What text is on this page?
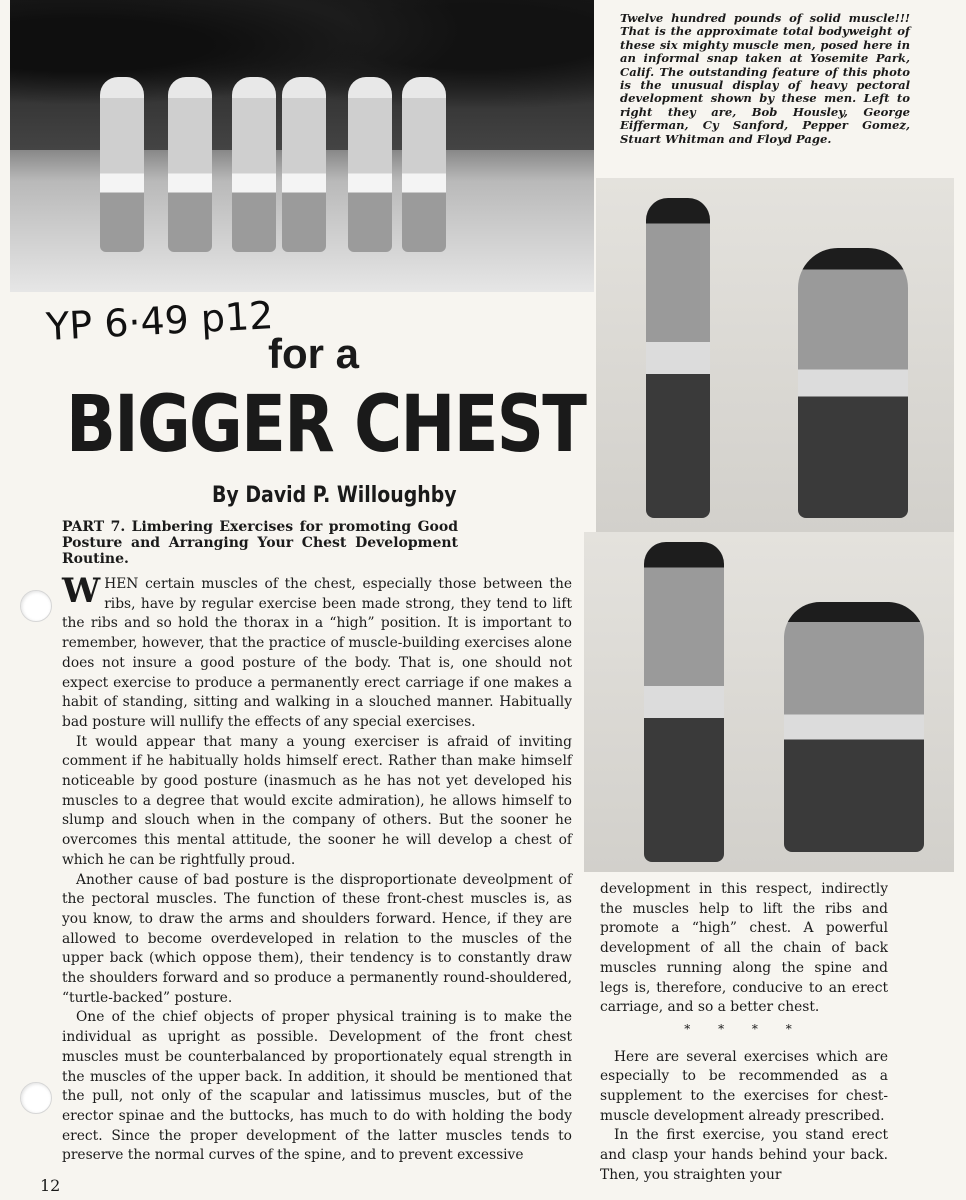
Twelve hundred pounds of solid muscle!!! That is the approximate total bodyweight of these six mighty muscle men, posed here in an informal snap taken at Yosemite Park, Calif. The outstanding feature of this photo is the unusual display of heavy pectoral development shown by these men. Left to right they are, Bob Housley, George Eifferman, Cy Sanford, Pepper Gomez, Stuart Whitman and Floyd Page.

YP 6·49 p12
for a
BIGGER CHEST
By David P. Willoughby

PART 7. Limbering Exercises for promoting Good Posture and Arranging Your Chest Development Routine.

WHEN certain muscles of the chest, especially those between the ribs, have by regular exercise been made strong, they tend to lift the ribs and so hold the thorax in a “high” position. It is important to remember, however, that the practice of muscle-building exercises alone does not insure a good posture of the body. That is, one should not expect exercise to produce a permanently erect carriage if one makes a habit of standing, sitting and walking in a slouched manner. Habitually bad posture will nullify the effects of any special exercises.

It would appear that many a young exerciser is afraid of inviting comment if he habitually holds himself erect. Rather than make himself noticeable by good posture (inasmuch as he has not yet developed his muscles to a degree that would excite admiration), he allows himself to slump and slouch when in the company of others. But the sooner he overcomes this mental attitude, the sooner he will develop a chest of which he can be rightfully proud.

Another cause of bad posture is the disproportionate deveolpment of the pectoral muscles. The function of these front-chest muscles is, as you know, to draw the arms and shoulders forward. Hence, if they are allowed to become overdeveloped in relation to the muscles of the upper back (which oppose them), their tendency is to constantly draw the shoulders forward and so produce a permanently round-shouldered, “turtle-backed” posture.

One of the chief objects of proper physical training is to make the individual as upright as possible. Development of the front chest muscles must be counterbalanced by proportionately equal strength in the muscles of the upper back. In addition, it should be mentioned that the pull, not only of the scapular and latissimus muscles, but of the erector spinae and the buttocks, has much to do with holding the body erect. Since the proper development of the latter muscles tends to preserve the normal curves of the spine, and to prevent excessive

development in this respect, indirectly the muscles help to lift the ribs and promote a “high” chest. A powerful development of all the chain of back muscles running along the spine and legs is, therefore, conducive to an erect carriage, and so a better chest.

* * * *

Here are several exercises which are especially to be recommended as a supplement to the exercises for chest-muscle development already prescribed.

In the first exercise, you stand erect and clasp your hands behind your back. Then, you straighten your

12
